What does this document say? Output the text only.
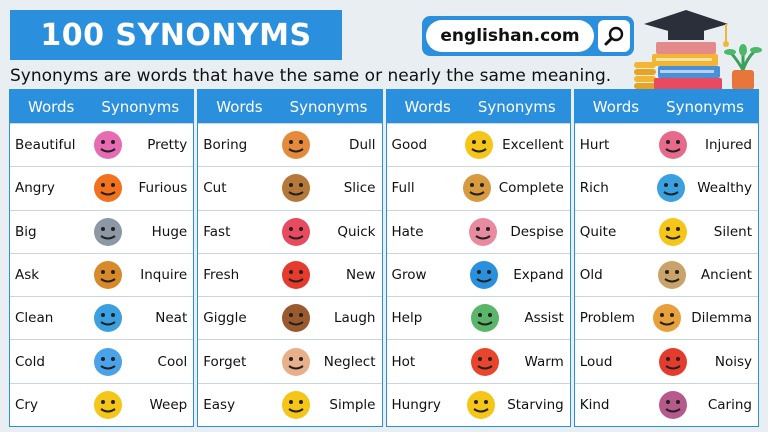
100 SYNONYMS	englishan.com
Synonyms are words that have the same or nearly the same meaning.
Words Synonyms
Beautiful	Pretty
Angry	Furious
Big	Huge
Ask	Inquire
Clean	Neat
Cold	Cool
Cry	Weep
Words Synonyms
Boring	Dull
Cut	Slice
Fast	Quick
Fresh	New
Giggle	Laugh
Forget	Neglect
Easy	Simple
Words Synonyms
Good	Excellent
Full	Complete
Hate	Despise
Grow	Expand
Help	Assist
Hot	Warm
Hungry	Starving
Words Synonyms
Hurt	Injured
Rich	Wealthy
Quite	Silent
Old	Ancient
Problem	Dilemma
Loud	Noisy
Kind	Caring
